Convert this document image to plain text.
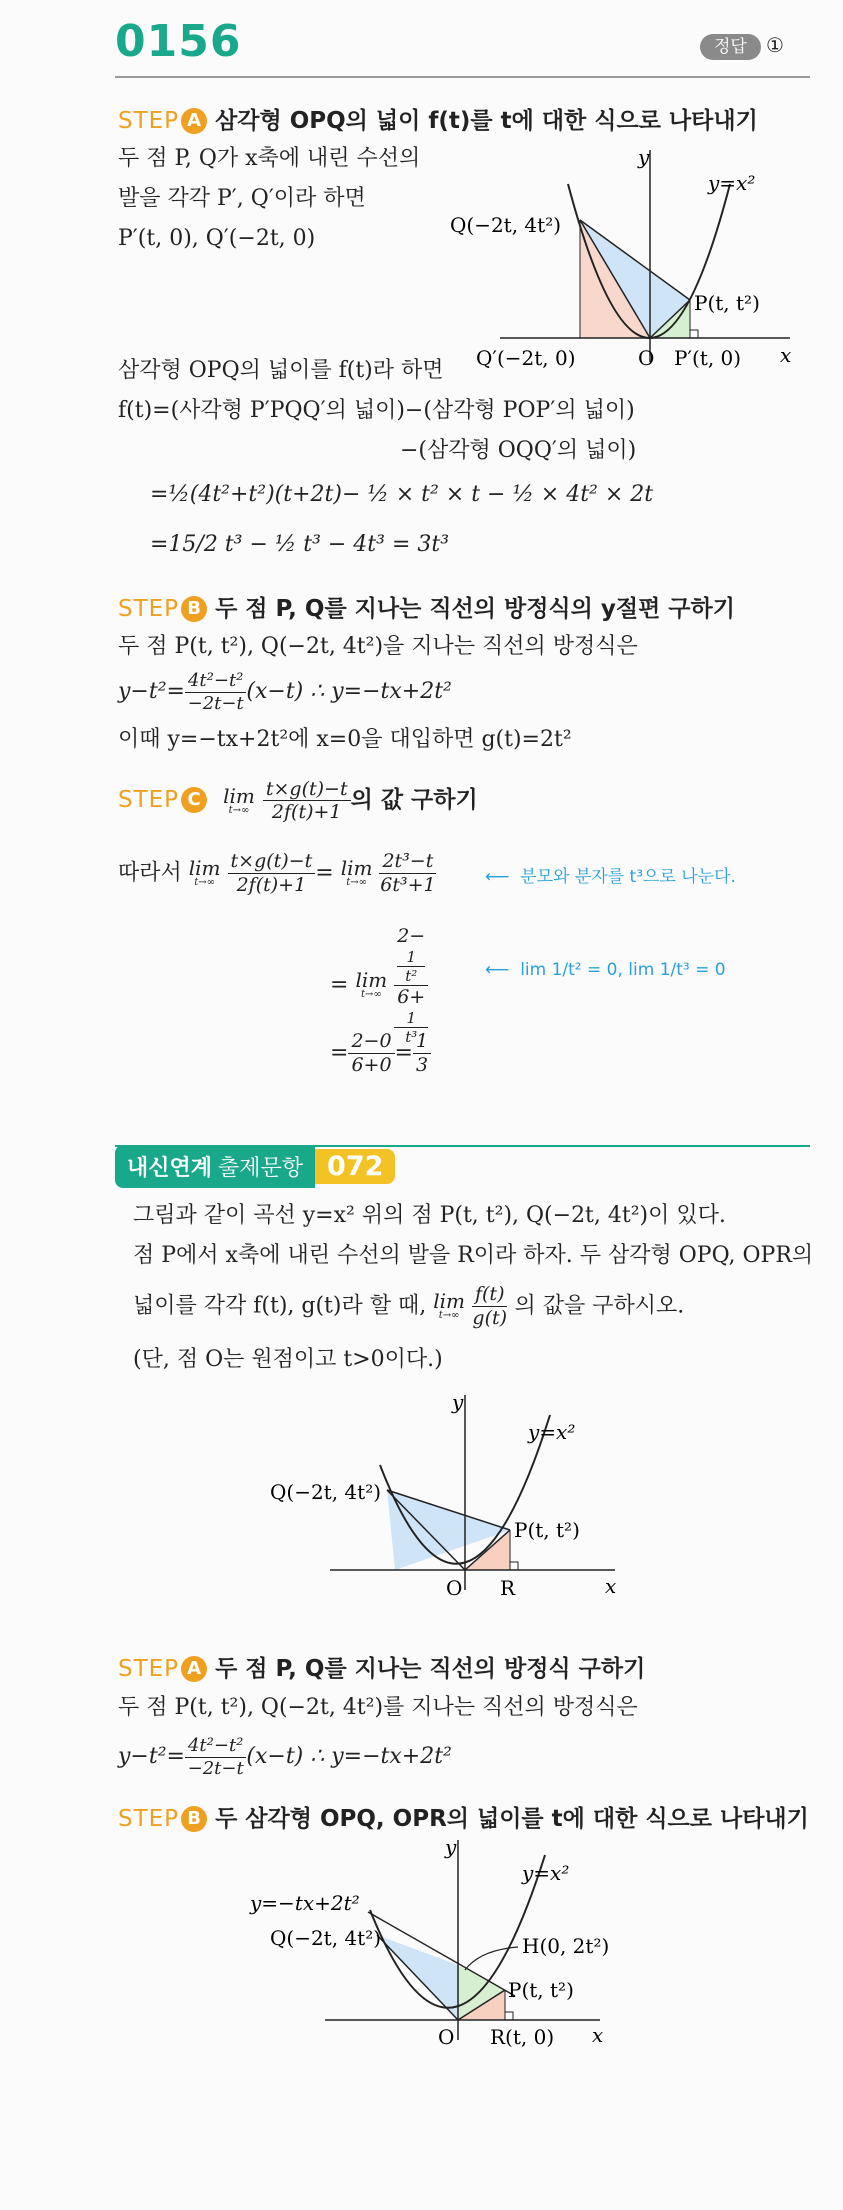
0156	정답 ①
STEP A 삼각형 OPQ의 넓이 f(t)를 t에 대한 식으로 나타내기
두 점 P, Q가 x축에 내린 수선의
발을 각각 P′, Q′이라 하면
P′(t, 0), Q′(−2t, 0)
y
x
y=x²
Q(−2t, 4t²)
P(t, t²)
Q′(−2t, 0)	O P′(t, 0)
삼각형 OPQ의 넓이를 f(t)라 하면
f(t)=(사각형 P′PQQ′의 넓이)−(삼각형 POP′의 넓이)
−(삼각형 OQQ′의 넓이)
=½(4t²+t²)(t+2t)− ½ × t² × t − ½ × 4t² × 2t
=15/2 t³ − ½ t³ − 4t³ = 3t³
STEP B 두 점 P, Q를 지나는 직선의 방정식의 y절편 구하기
두 점 P(t, t²), Q(−2t, 4t²)을 지나는 직선의 방정식은
$y-t^2= \frac{\text{4t²−t²}}{-2t-t} (x-t)$ ∴ y=−tx+2t²
이때 y=−tx+2t²에 x=0을 대입하면 g(t)=2t²
STEP C lim
t→∞
$\frac{t\times g(t)-t}{2f(t)+1}$ 의 값 구하기
따라서 lim
t→∞
$\frac{t\times g(t)-t}{2f(t)+1} = \lim$
t→∞
$\frac{\text{2t³−t}}{\text{6t³+1}}$	⟵  분모와 분자를 t³으로 나눈다.
= lim
t→∞
2−
1
t²
6+
1
t³	⟵  lim 1/t² = 0, lim 1/t³ = 0
= $\frac{2-0}{6+0} = \frac{1}{3}$
내신연계 출제문항 072
그림과 같이 곡선 y=x² 위의 점 P(t, t²), Q(−2t, 4t²)이 있다.
점 P에서 x축에 내린 수선의 발을 R이라 하자. 두 삼각형 OPQ, OPR의
넓이를 각각 f(t), g(t)라 할 때, lim
t→∞
$\frac{f(t)}{g(t)}$ 의 값을 구하시오.
(단, 점 O는 원점이고 t>0이다.)
y
x
y=x²
Q(−2t, 4t²)
P(t, t²)
O R
STEP A 두 점 P, Q를 지나는 직선의 방정식 구하기
두 점 P(t, t²), Q(−2t, 4t²)를 지나는 직선의 방정식은
$y-t^2= \frac{\text{4t²−t²}}{-2t-t} (x-t)$ ∴ y=−tx+2t²
STEP B 두 삼각형 OPQ, OPR의 넓이를 t에 대한 식으로 나타내기
y
x
y=x²
y=−tx+2t²
Q(−2t, 4t²)	H(0, 2t²)
P(t, t²)
O R(t, 0)
